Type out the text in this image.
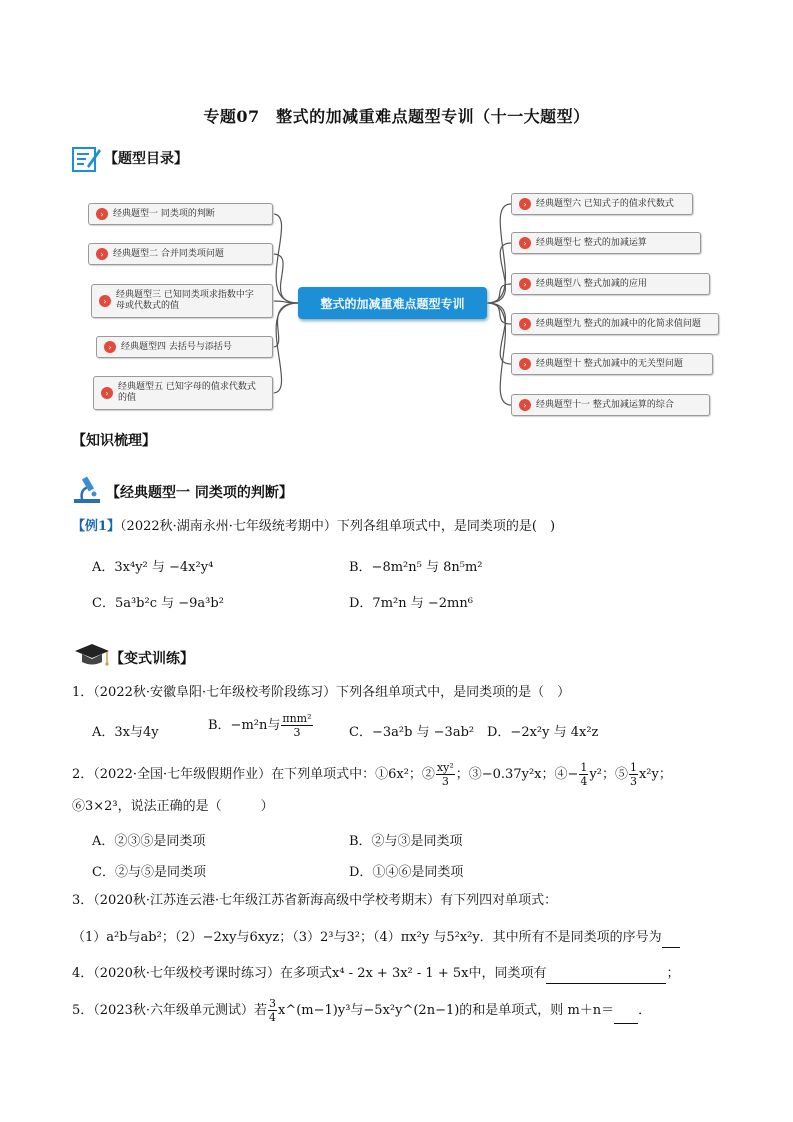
专题07　整式的加减重难点题型专训（十一大题型）
【题型目录】
整式的加减重难点题型专训
›	经典题型一 同类项的判断
›	经典题型二 合并同类项问题
›
经典题型三 已知同类项求指数中字母或代数式的值
›	经典题型四 去括号与添括号
›
经典题型五 已知字母的值求代数式的值
›	经典题型六 已知式子的值求代数式
›	经典题型七 整式的加减运算
›	经典题型八 整式加减的应用
›	经典题型九 整式的加减中的化简求值问题
›	经典题型十 整式加减中的无关型问题
›	经典题型十一 整式加减运算的综合
【知识梳理】
【经典题型一 同类项的判断】
【例1】（2022秋·湖南永州·七年级统考期中）下列各组单项式中，是同类项的是(　)
A．3x⁴y² 与 −4x²y⁴	B．−8m²n⁵ 与 8n⁵m²
C．5a³b²c 与 −9a³b²	D．7m²n 与 −2mn⁶
【变式训练】
1．（2022秋·安徽阜阳·七年级校考阶段练习）下列各组单项式中，是同类项的是（　）
A．3x与4y	B．−m²n与 $\frac{\text{πnm²}}{3}$	C．−3a²b 与 −3ab² D．−2x²y 与 4x²z
2．（2022·全国·七年级假期作业）在下列单项式中：①6x²；② $\frac{\text{xy²}}{3}$ ；③−0.37y²x；④− $\frac{1}{4} y^2$；⑤ $\frac{1}{3} x^2y$；
⑥3×2³，说法正确的是（　　　）
A．②③⑤是同类项	B．②与③是同类项
C．②与⑤是同类项	D．①④⑥是同类项
3．（2020秋·江苏连云港·七年级江苏省新海高级中学校考期末）有下列四对单项式：
（1）a²b与ab²；（2）−2xy与6xyz；（3）2³与3²；（4）πx²y 与5²x²y．其中所有不是同类项的序号为
4．（2020秋·七年级校考课时练习）在多项式x⁴ - 2x + 3x² - 1 + 5x中，同类项有	；
5．（2023秋·六年级单元测试）若 $\frac{3}{4}$ x^(m−1)y³与−5x²y^(2n−1)的和是单项式，则 m＋n＝ ．
